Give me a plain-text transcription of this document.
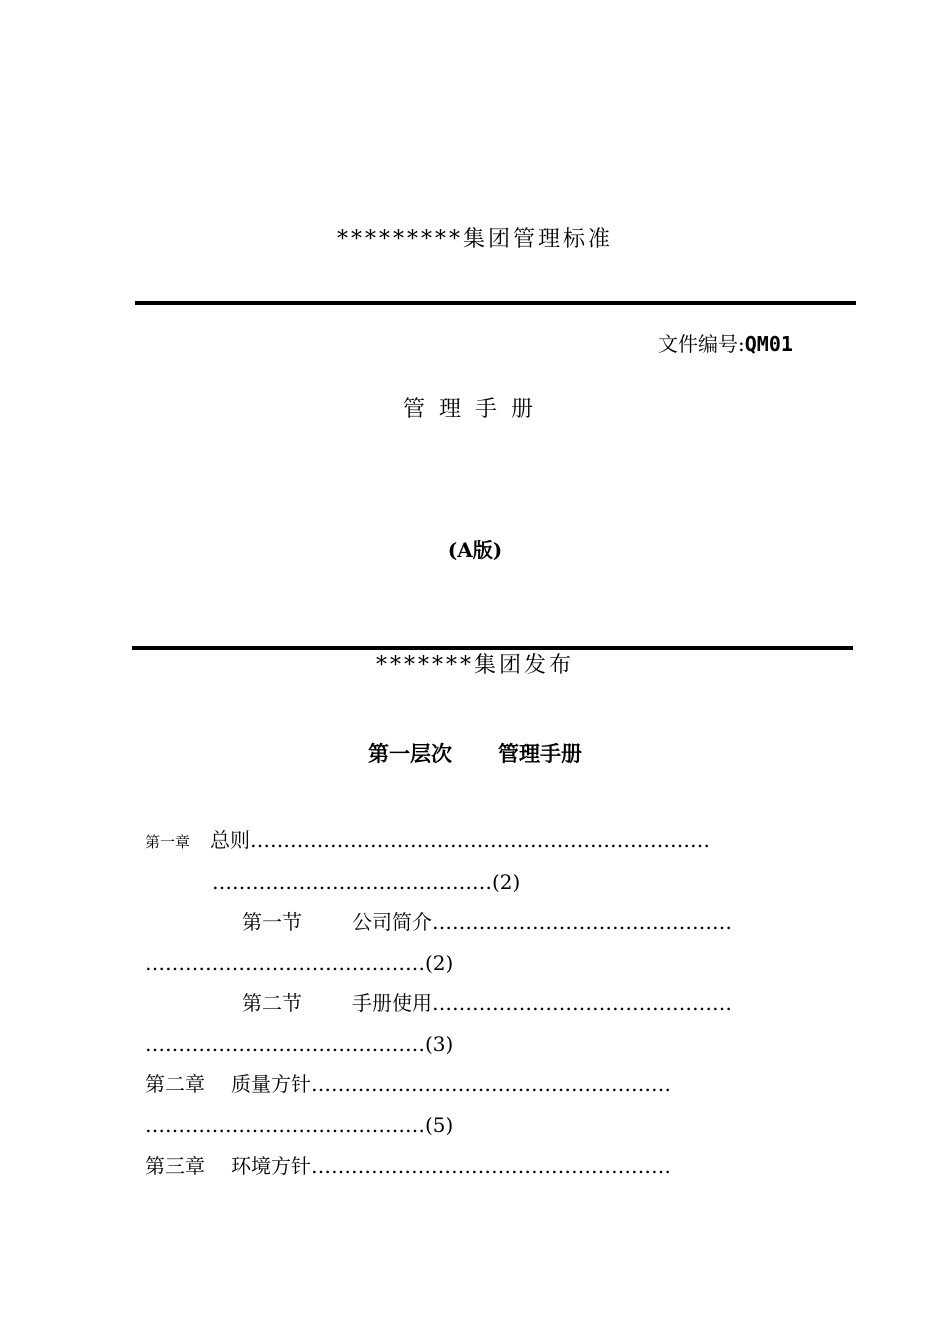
*********集团管理标准
文件编号:QM01
管理手册
(A版)
*******集团发布
第一层次 管理手册
第一章 总则……………………………………………………………
……………………………………(2)
第一节	公司简介………………………………………
……………………………………(2)
第二节	手册使用………………………………………
……………………………………(3)
第二章 质量方针………………………………………………
……………………………………(5)
第三章 环境方针………………………………………………
